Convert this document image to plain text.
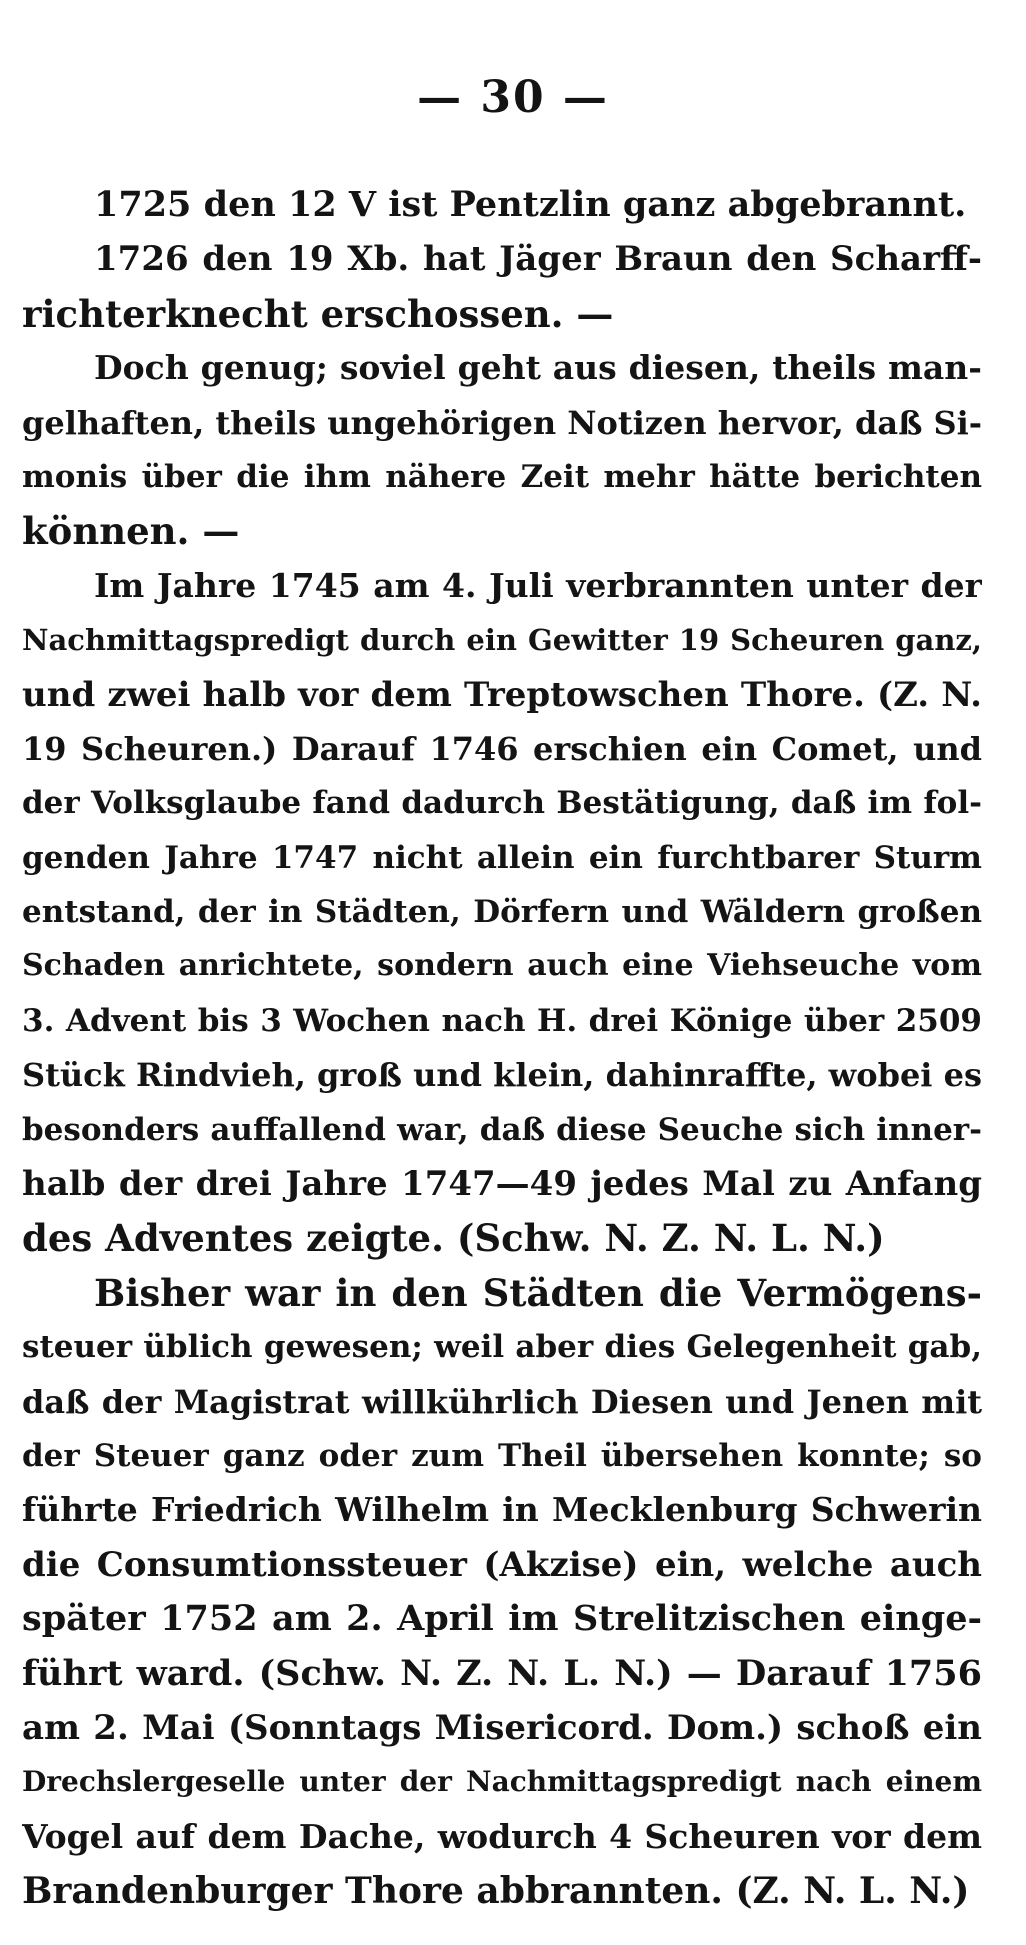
— 30 —
1725 den 12 V ist Pentzlin ganz abgebrannt.
1726 den 19 Xb. hat Jäger Braun den Scharff-
richterknecht erschossen. —
Doch genug; soviel geht aus diesen, theils man-
gelhaften, theils ungehörigen Notizen hervor, daß Si-
monis über die ihm nähere Zeit mehr hätte berichten
können. —
Im Jahre 1745 am 4. Juli verbrannten unter der
Nachmittagspredigt durch ein Gewitter 19 Scheuren ganz,
und zwei halb vor dem Treptowschen Thore. (Z. N.
19 Scheuren.) Darauf 1746 erschien ein Comet, und
der Volksglaube fand dadurch Bestätigung, daß im fol-
genden Jahre 1747 nicht allein ein furchtbarer Sturm
entstand, der in Städten, Dörfern und Wäldern großen
Schaden anrichtete, sondern auch eine Viehseuche vom
3. Advent bis 3 Wochen nach H. drei Könige über 2509
Stück Rindvieh, groß und klein, dahinraffte, wobei es
besonders auffallend war, daß diese Seuche sich inner-
halb der drei Jahre 1747—49 jedes Mal zu Anfang
des Adventes zeigte. (Schw. N. Z. N. L. N.)
Bisher war in den Städten die Vermögens-
steuer üblich gewesen; weil aber dies Gelegenheit gab,
daß der Magistrat willkührlich Diesen und Jenen mit
der Steuer ganz oder zum Theil übersehen konnte; so
führte Friedrich Wilhelm in Mecklenburg Schwerin
die Consumtionssteuer (Akzise) ein, welche auch
später 1752 am 2. April im Strelitzischen einge-
führt ward. (Schw. N. Z. N. L. N.) — Darauf 1756
am 2. Mai (Sonntags Misericord. Dom.) schoß ein
Drechslergeselle unter der Nachmittagspredigt nach einem
Vogel auf dem Dache, wodurch 4 Scheuren vor dem
Brandenburger Thore abbrannten. (Z. N. L. N.)
